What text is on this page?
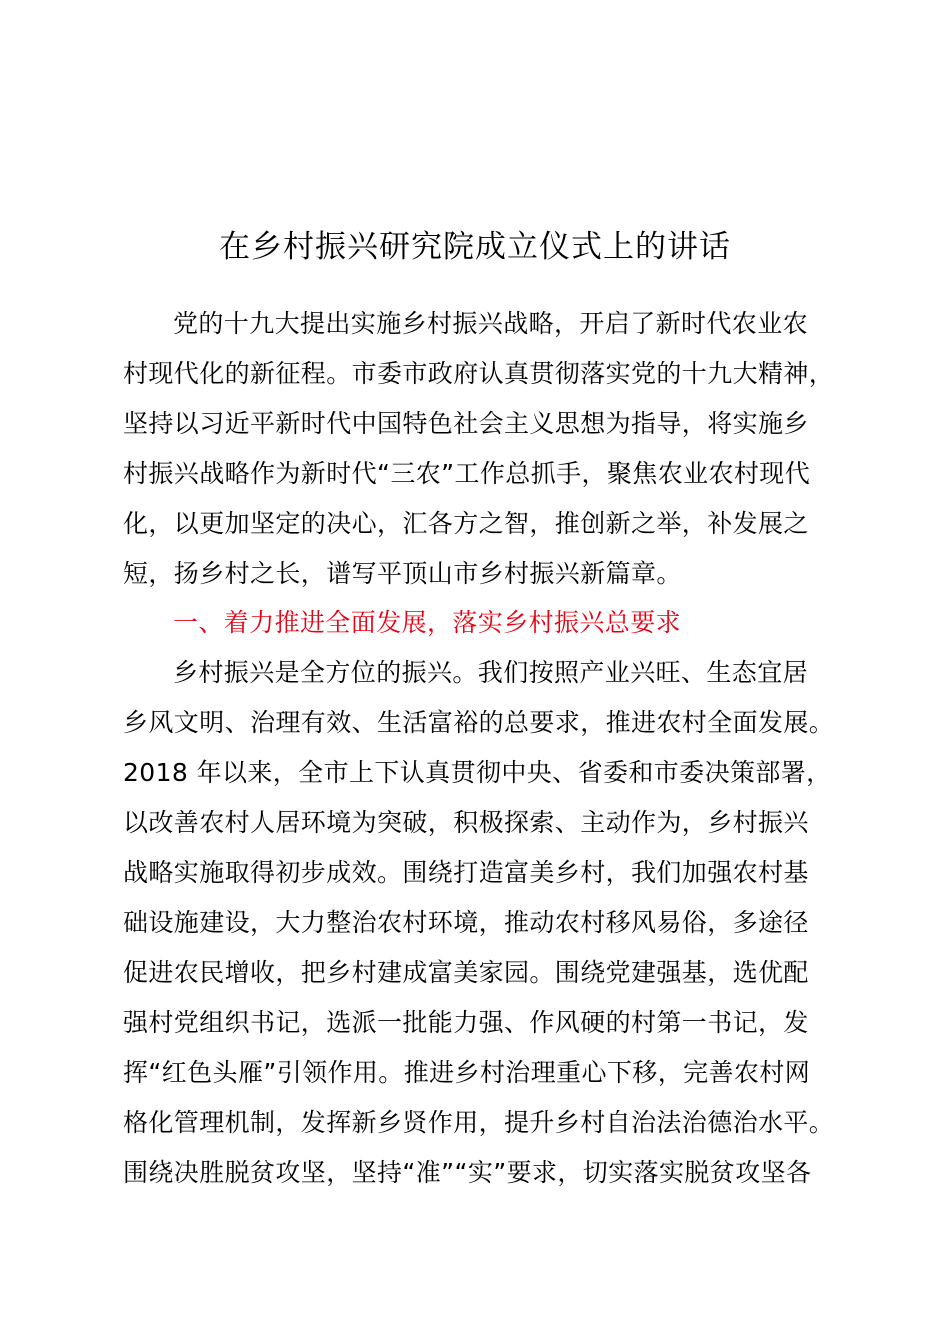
在乡村振兴研究院成立仪式上的讲话

党的十九大提出实施乡村振兴战略，开启了新时代农业农

村现代化的新征程。市委市政府认真贯彻落实党的十九大精神，

坚持以习近平新时代中国特色社会主义思想为指导，将实施乡

村振兴战略作为新时代“三农”工作总抓手，聚焦农业农村现代

化，以更加坚定的决心，汇各方之智，推创新之举，补发展之

短，扬乡村之长，谱写平顶山市乡村振兴新篇章。

一、着力推进全面发展，落实乡村振兴总要求

乡村振兴是全方位的振兴。我们按照产业兴旺、生态宜居

乡风文明、治理有效、生活富裕的总要求，推进农村全面发展。

2018 年以来，全市上下认真贯彻中央、省委和市委决策部署，

以改善农村人居环境为突破，积极探索、主动作为，乡村振兴

战略实施取得初步成效。围绕打造富美乡村，我们加强农村基

础设施建设，大力整治农村环境，推动农村移风易俗，多途径

促进农民增收，把乡村建成富美家园。围绕党建强基，选优配

强村党组织书记，选派一批能力强、作风硬的村第一书记，发

挥“红色头雁”引领作用。推进乡村治理重心下移，完善农村网

格化管理机制，发挥新乡贤作用，提升乡村自治法治德治水平。

围绕决胜脱贫攻坚，坚持“准”“实”要求，切实落实脱贫攻坚各
